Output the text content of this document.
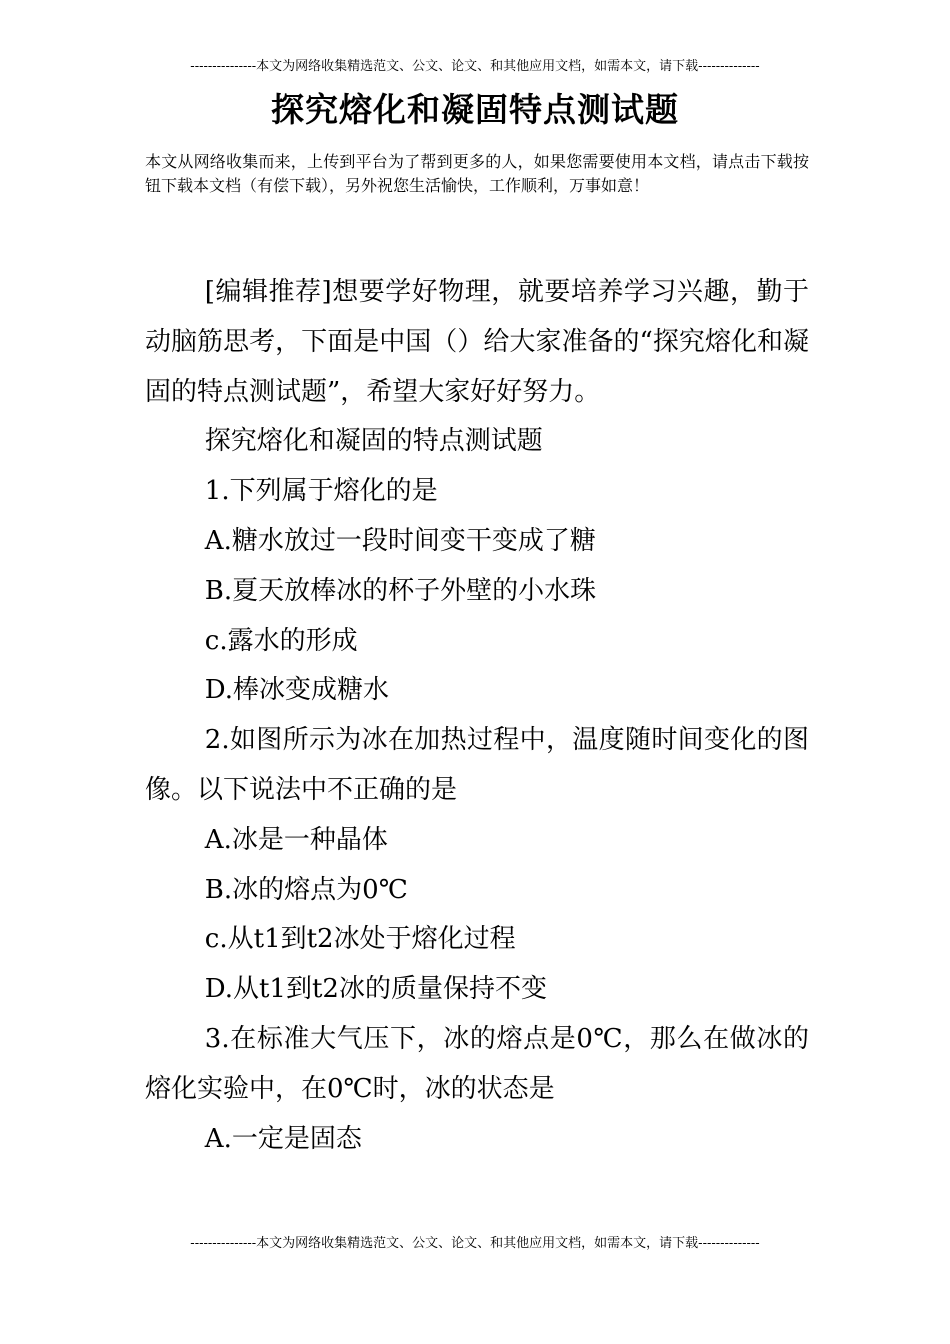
---------------本文为网络收集精选范文、公文、论文、和其他应用文档，如需本文，请下载--------------
探究熔化和凝固特点测试题
本文从网络收集而来，上传到平台为了帮到更多的人，如果您需要使用本文档，请点击下载按钮下载本文档（有偿下载），另外祝您生活愉快，工作顺利，万事如意！

[编辑推荐]想要学好物理，就要培养学习兴趣，勤于动脑筋思考，下面是中国（）给大家准备的“探究熔化和凝固的特点测试题”，希望大家好好努力。

探究熔化和凝固的特点测试题

1.下列属于熔化的是

A.糖水放过一段时间变干变成了糖

B.夏天放棒冰的杯子外壁的小水珠

c.露水的形成

D.棒冰变成糖水

2.如图所示为冰在加热过程中，温度随时间变化的图像。以下说法中不正确的是

A.冰是一种晶体

B.冰的熔点为0℃

c.从t1到t2冰处于熔化过程

D.从t1到t2冰的质量保持不变

3.在标准大气压下，冰的熔点是0℃，那么在做冰的熔化实验中，在0℃时，冰的状态是

A.一定是固态

---------------本文为网络收集精选范文、公文、论文、和其他应用文档，如需本文，请下载--------------
